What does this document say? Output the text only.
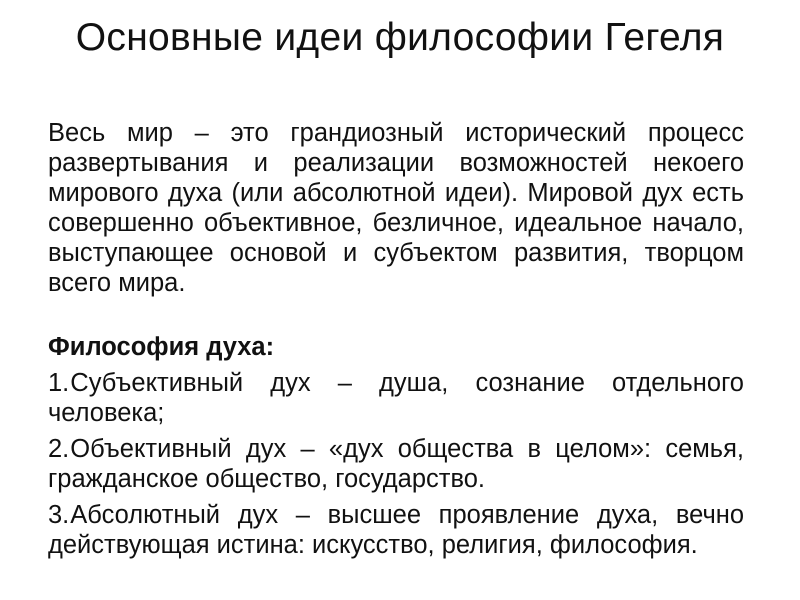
Основные идеи философии Гегеля

Весь мир – это грандиозный исторический процесс развертывания и реализации возможностей некоего мирового духа (или абсолютной идеи). Мировой дух есть совершенно объективное, безличное, идеальное начало, выступающее основой и субъектом развития, творцом всего мира.

Философия духа:
1.Субъективный дух – душа, сознание отдельного человека;
2.Объективный дух – «дух общества в целом»: семья, гражданское общество, государство.
3.Абсолютный дух – высшее проявление духа, вечно действующая истина: искусство, религия, философия.
